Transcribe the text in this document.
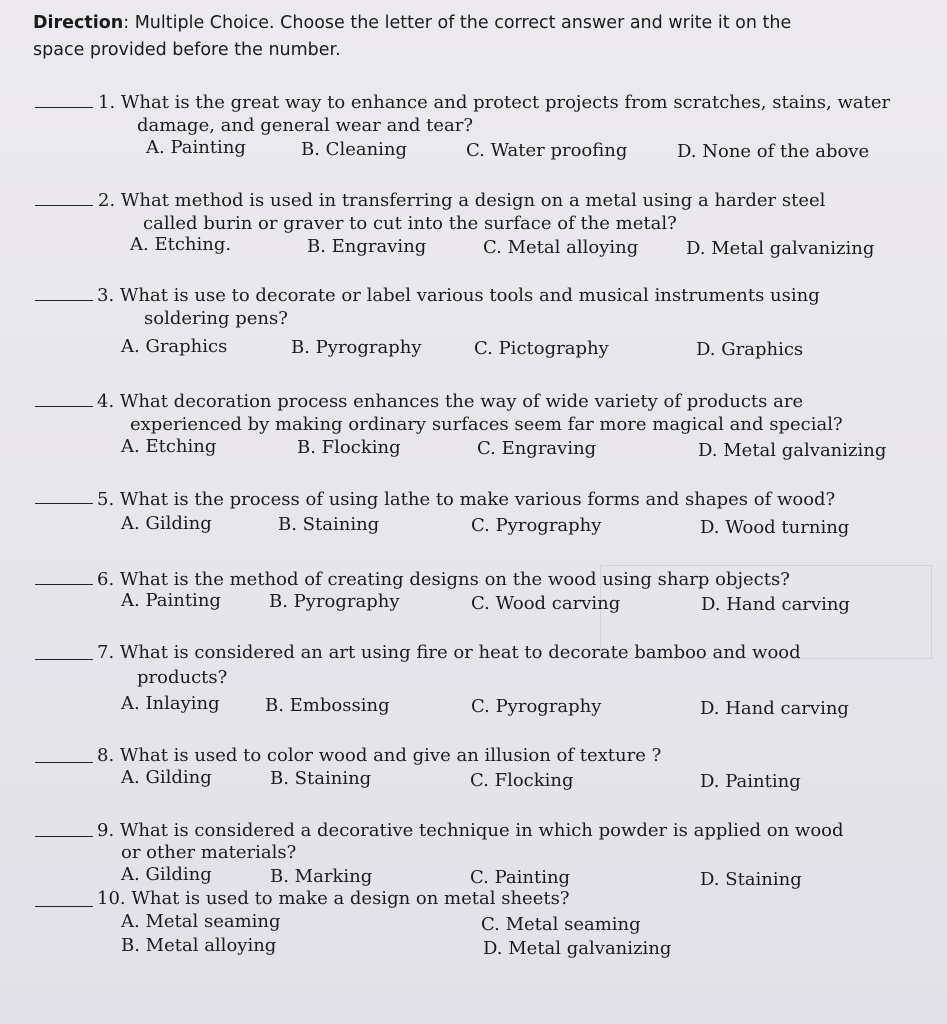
Direction: Multiple Choice. Choose the letter of the correct answer and write it on the
space provided before the number.
1. What is the great way to enhance and protect projects from scratches, stains, water
damage, and general wear and tear?
A. Painting	B. Cleaning	C. Water proofing	D. None of the above
2. What method is used in transferring a design on a metal using a harder steel
called burin or graver to cut into the surface of the metal?
A. Etching.	B. Engraving	C. Metal alloying	D. Metal galvanizing
3. What is use to decorate or label various tools and musical instruments using
soldering pens?
A. Graphics	B. Pyrography	C. Pictography	D. Graphics
4. What decoration process enhances the way of wide variety of products are
experienced by making ordinary surfaces seem far more magical and special?
A. Etching	B. Flocking	C. Engraving	D. Metal galvanizing
5. What is the process of using lathe to make various forms and shapes of wood?
A. Gilding	B. Staining	C. Pyrography	D. Wood turning
6. What is the method of creating designs on the wood using sharp objects?
A. Painting	B. Pyrography	C. Wood carving	D. Hand carving
7. What is considered an art using fire or heat to decorate bamboo and wood
products?
A. Inlaying	B. Embossing	C. Pyrography	D. Hand carving
8. What is used to color wood and give an illusion of texture ?
A. Gilding	B. Staining	C. Flocking	D. Painting
9. What is considered a decorative technique in which powder is applied on wood
or other materials?
A. Gilding	B. Marking	C. Painting	D. Staining
10. What is used to make a design on metal sheets?
A. Metal seaming	C. Metal seaming
B. Metal alloying	D. Metal galvanizing
